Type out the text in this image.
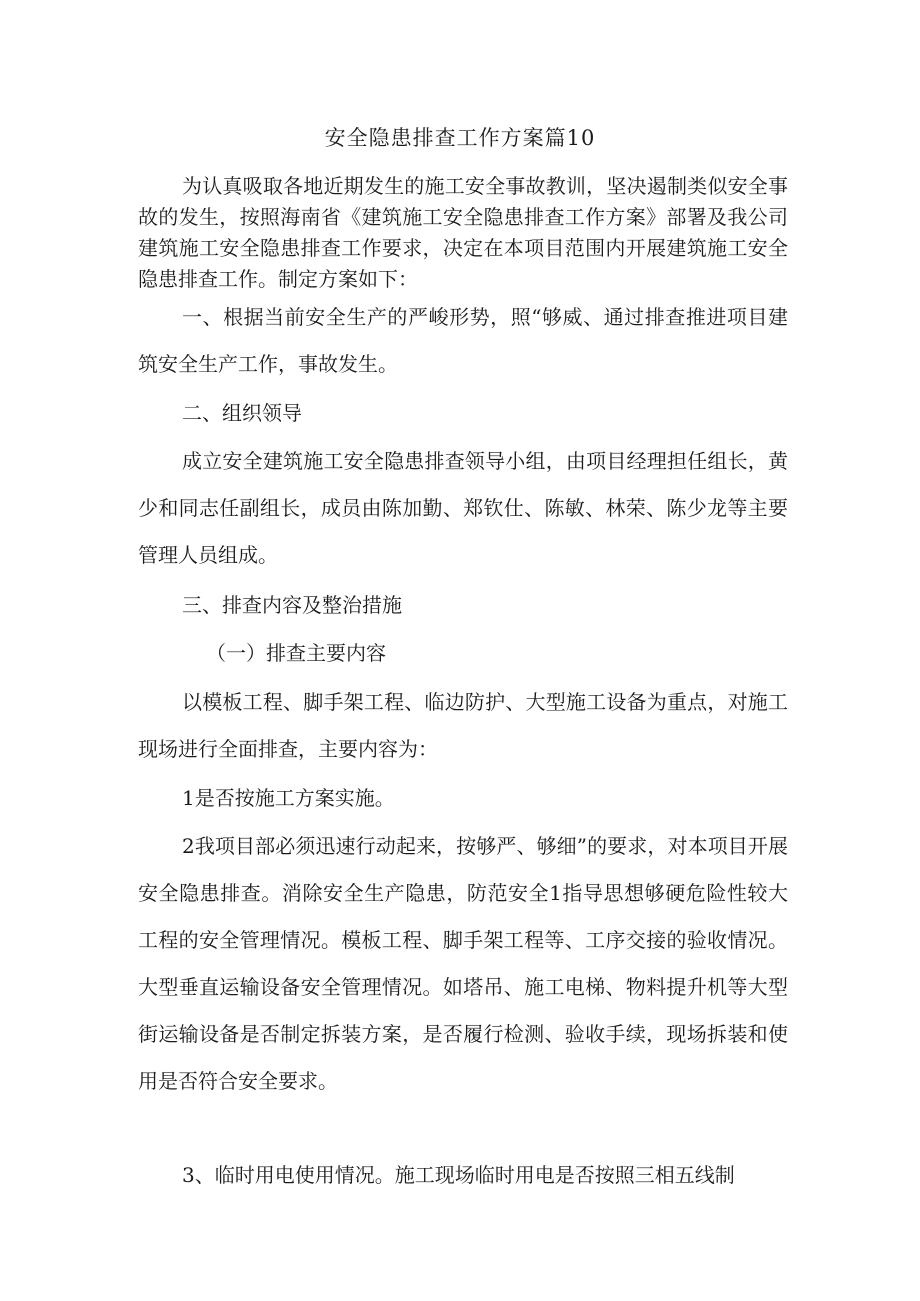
安全隐患排查工作方案篇10

为认真吸取各地近期发生的施工安全事故教训，坚决遏制类似安全事故的发生，按照海南省《建筑施工安全隐患排查工作方案》部署及我公司建筑施工安全隐患排查工作要求，决定在本项目范围内开展建筑施工安全隐患排查工作。制定方案如下：

一、根据当前安全生产的严峻形势，照“够威、通过排查推进项目建筑安全生产工作，事故发生。

二、组织领导

成立安全建筑施工安全隐患排查领导小组，由项目经理担任组长，黄少和同志任副组长，成员由陈加勤、郑钦仕、陈敏、林荣、陈少龙等主要管理人员组成。

三、排查内容及整治措施

（一）排查主要内容

以模板工程、脚手架工程、临边防护、大型施工设备为重点，对施工现场进行全面排查，主要内容为：

1是否按施工方案实施。

2我项目部必须迅速行动起来，按够严、够细”的要求，对本项目开展安全隐患排查。消除安全生产隐患，防范安全1指导思想够硬危险性较大工程的安全管理情况。模板工程、脚手架工程等、工序交接的验收情况。大型垂直运输设备安全管理情况。如塔吊、施工电梯、物料提升机等大型街运输设备是否制定拆装方案，是否履行检测、验收手续，现场拆装和使用是否符合安全要求。

3、临时用电使用情况。施工现场临时用电是否按照三相五线制
